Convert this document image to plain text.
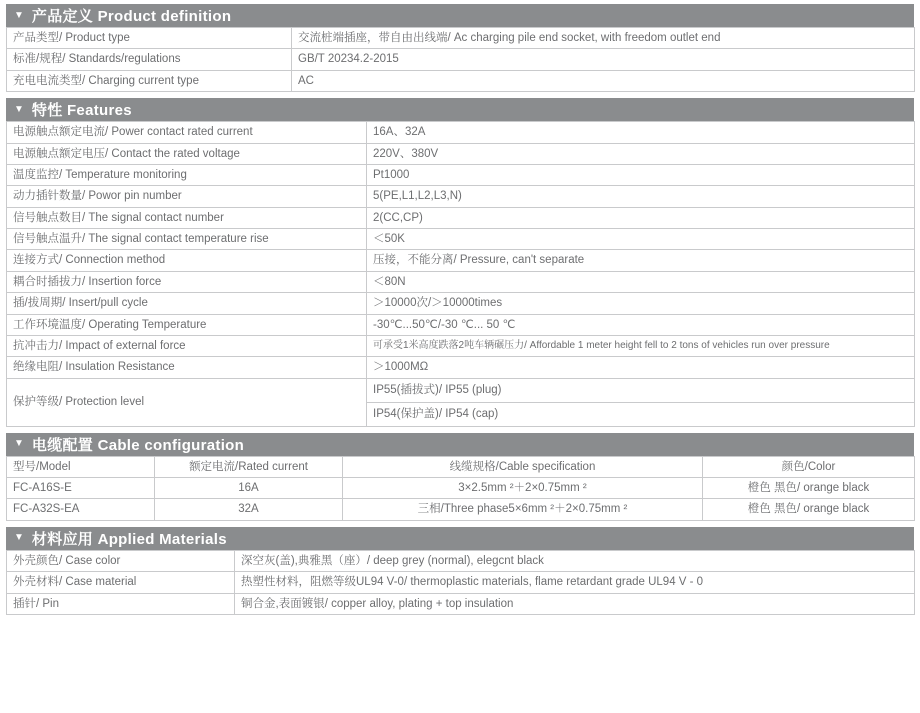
▼ 产品定义 Product definition
产品类型/ Product type	交流桩端插座，带自由出线端/ Ac charging pile end socket, with freedom outlet end
标准/规程/ Standards/regulations	GB/T 20234.2-2015
充电电流类型/ Charging current type	AC
▼ 特性 Features
电源触点额定电流/ Power contact rated current	16A、32A
电源触点额定电压/ Contact the rated voltage	220V、380V
温度监控/ Temperature monitoring	Pt1000
动力插针数量/ Powor pin number	5(PE,L1,L2,L3,N)
信号触点数目/ The signal contact number	2(CC,CP)
信号触点温升/ The signal contact temperature rise	＜50K
连接方式/ Connection method	压接，不能分离/ Pressure, can't separate
耦合时插拔力/ Insertion force	＜80N
插/拔周期/ Insert/pull cycle	＞10000次/＞10000times
工作环境温度/ Operating Temperature	-30℃...50℃/-30 ℃... 50 ℃
抗冲击力/ Impact of external force	可承受1米高度跌落2吨车辆碾压力/ Affordable 1 meter height fell to 2 tons of vehicles run over pressure
绝缘电阻/ Insulation Resistance	＞1000MΩ
保护等级/ Protection level	IP55(插拔式)/ IP55 (plug)
	IP54(保护盖)/ IP54 (cap)
▼ 电缆配置 Cable configuration
型号/Model	额定电流/Rated current	线缆规格/Cable specification	颜色/Color
FC-A16S-E	16A	3×2.5mm ²＋2×0.75mm ²	橙色 黑色/ orange black
FC-A32S-EA	32A	三相/Three phase5×6mm ²＋2×0.75mm ²	橙色 黑色/ orange black
▼ 材料应用 Applied Materials
外壳颜色/ Case color	深空灰(盖),典雅黑（座）/ deep grey (normal), elegcnt black
外壳材料/ Case material	热塑性材料，阻燃等级UL94 V-0/ thermoplastic materials, flame retardant grade UL94 V - 0
插针/ Pin	铜合金,表面镀银/ copper alloy, plating + top insulation
